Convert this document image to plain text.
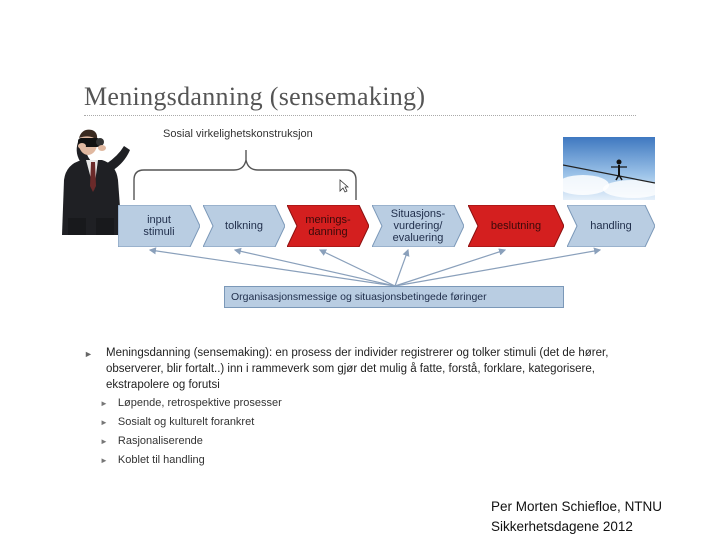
Meningsdanning (sensemaking)
Sosial virkelighetskonstruksjon
input
stimuli	tolkning	menings-
danning
Situasjons-
vurdering/
evaluering
beslutning	handling
Organisasjonsmessige og situasjonsbetingede føringer
► Meningsdanning (sensemaking): en prosess der individer registrerer og tolker stimuli (det de hører, observerer, blir fortalt..) inn i rammeverk som gjør det mulig å fatte, forstå, forklare, kategorisere, ekstrapolere og forutsi
► Løpende, retrospektive prosesser
► Sosialt og kulturelt forankret
► Rasjonaliserende
► Koblet til handling
Per Morten Schiefloe, NTNU
Sikkerhetsdagene 2012
